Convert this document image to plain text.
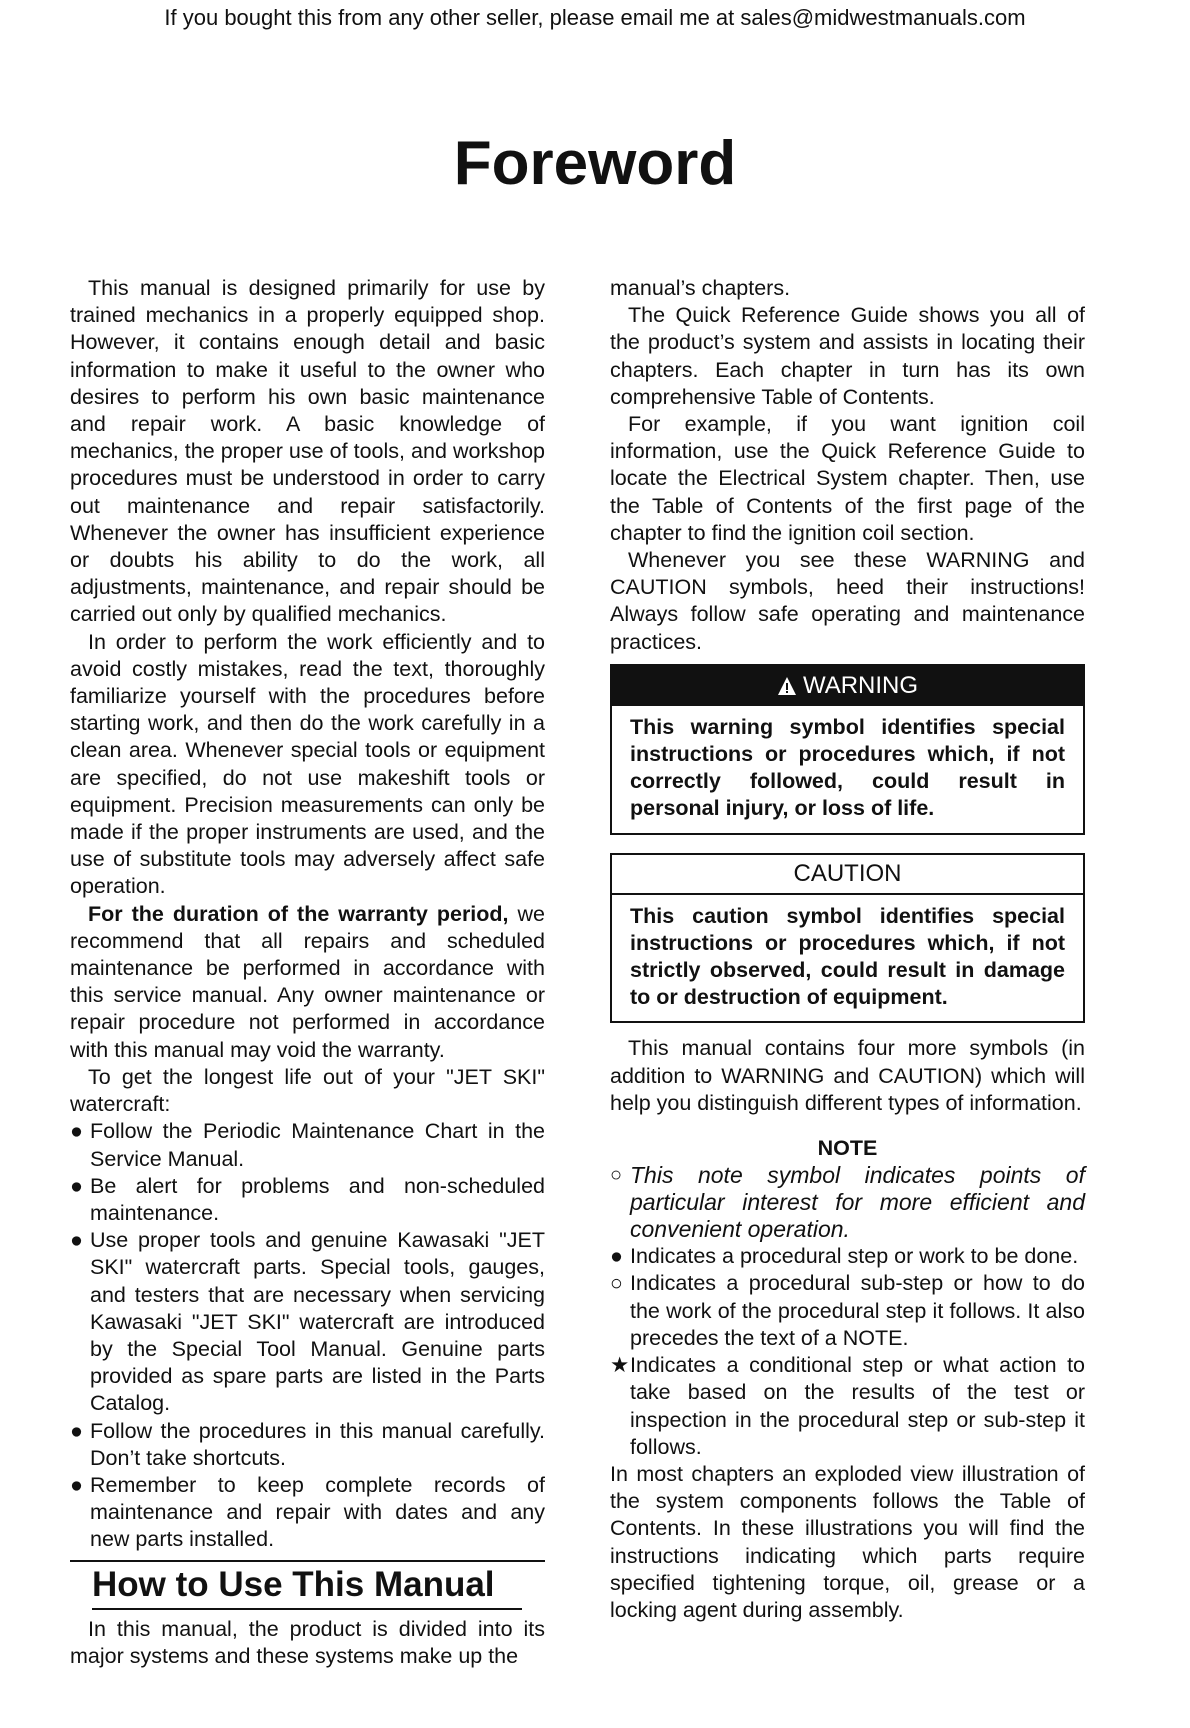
If you bought this from any other seller, please email me at sales@midwestmanuals.com
Foreword

This manual is designed primarily for use by trained mechanics in a properly equipped shop. However, it contains enough detail and basic information to make it useful to the owner who desires to perform his own basic maintenance and repair work. A basic knowledge of mechanics, the proper use of tools, and workshop procedures must be understood in order to carry out maintenance and repair satisfactorily. Whenever the owner has insufficient experience or doubts his ability to do the work, all adjustments, maintenance, and repair should be carried out only by qualified mechanics.

In order to perform the work efficiently and to avoid costly mistakes, read the text, thoroughly familiarize yourself with the procedures before starting work, and then do the work carefully in a clean area. Whenever special tools or equipment are specified, do not use makeshift tools or equipment. Precision measurements can only be made if the proper instruments are used, and the use of substitute tools may adversely affect safe operation.

For the duration of the warranty period, we recommend that all repairs and scheduled maintenance be performed in accordance with this service manual. Any owner maintenance or repair procedure not performed in accordance with this manual may void the warranty.

To get the longest life out of your "JET SKI" watercraft:

● Follow the Periodic Maintenance Chart in the Service Manual.
● Be alert for problems and non-scheduled maintenance.
● Use proper tools and genuine Kawasaki "JET SKI" watercraft parts. Special tools, gauges, and testers that are necessary when servicing Kawasaki "JET SKI" watercraft are introduced by the Special Tool Manual. Genuine parts provided as spare parts are listed in the Parts Catalog.
● Follow the procedures in this manual carefully. Don’t take shortcuts.
● Remember to keep complete records of maintenance and repair with dates and any new parts installed.
How to Use This Manual

In this manual, the product is divided into its major systems and these systems make up the

manual’s chapters.

The Quick Reference Guide shows you all of the product’s system and assists in locating their chapters. Each chapter in turn has its own comprehensive Table of Contents.

For example, if you want ignition coil information, use the Quick Reference Guide to locate the Electrical System chapter. Then, use the Table of Contents of the first page of the chapter to find the ignition coil section.

Whenever you see these WARNING and CAUTION symbols, heed their instructions! Always follow safe operating and maintenance practices.

WARNING
This warning symbol identifies special instructions or procedures which, if not correctly followed, could result in personal injury, or loss of life.
CAUTION
This caution symbol identifies special instructions or procedures which, if not strictly observed, could result in damage to or destruction of equipment.

This manual contains four more symbols (in addition to WARNING and CAUTION) which will help you distinguish different types of information.

NOTE

○ This note symbol indicates points of particular interest for more efficient and convenient operation.

● Indicates a procedural step or work to be done.
○ Indicates a procedural sub-step or how to do the work of the procedural step it follows. It also precedes the text of a NOTE.
★ Indicates a conditional step or what action to take based on the results of the test or inspection in the procedural step or sub-step it follows.

In most chapters an exploded view illustration of the system components follows the Table of Contents. In these illustrations you will find the instructions indicating which parts require specified tightening torque, oil, grease or a locking agent during assembly.
